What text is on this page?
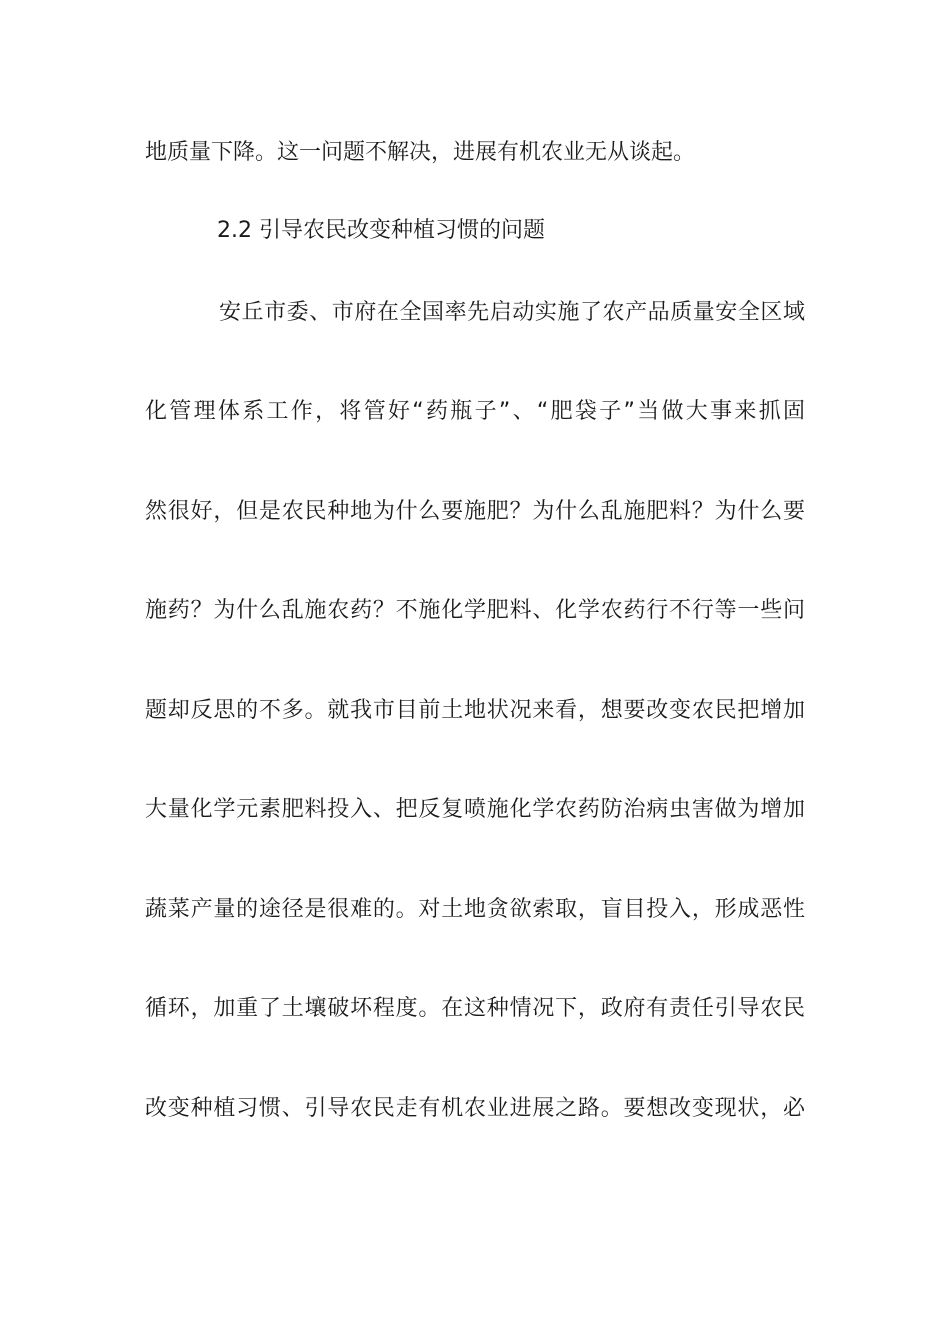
地质量下降。这一问题不解决，进展有机农业无从谈起。
2.2 引导农民改变种植习惯的问题
安丘市委、市府在全国率先启动实施了农产品质量安全区域
化管理体系工作，将管好“药瓶子”、“肥袋子”当做大事来抓固
然很好，但是农民种地为什么要施肥？为什么乱施肥料？为什么要
施药？为什么乱施农药？不施化学肥料、化学农药行不行等一些问
题却反思的不多。就我市目前土地状况来看，想要改变农民把增加
大量化学元素肥料投入、把反复喷施化学农药防治病虫害做为增加
蔬菜产量的途径是很难的。对土地贪欲索取，盲目投入，形成恶性
循环，加重了土壤破坏程度。在这种情况下，政府有责任引导农民
改变种植习惯、引导农民走有机农业进展之路。要想改变现状，必
